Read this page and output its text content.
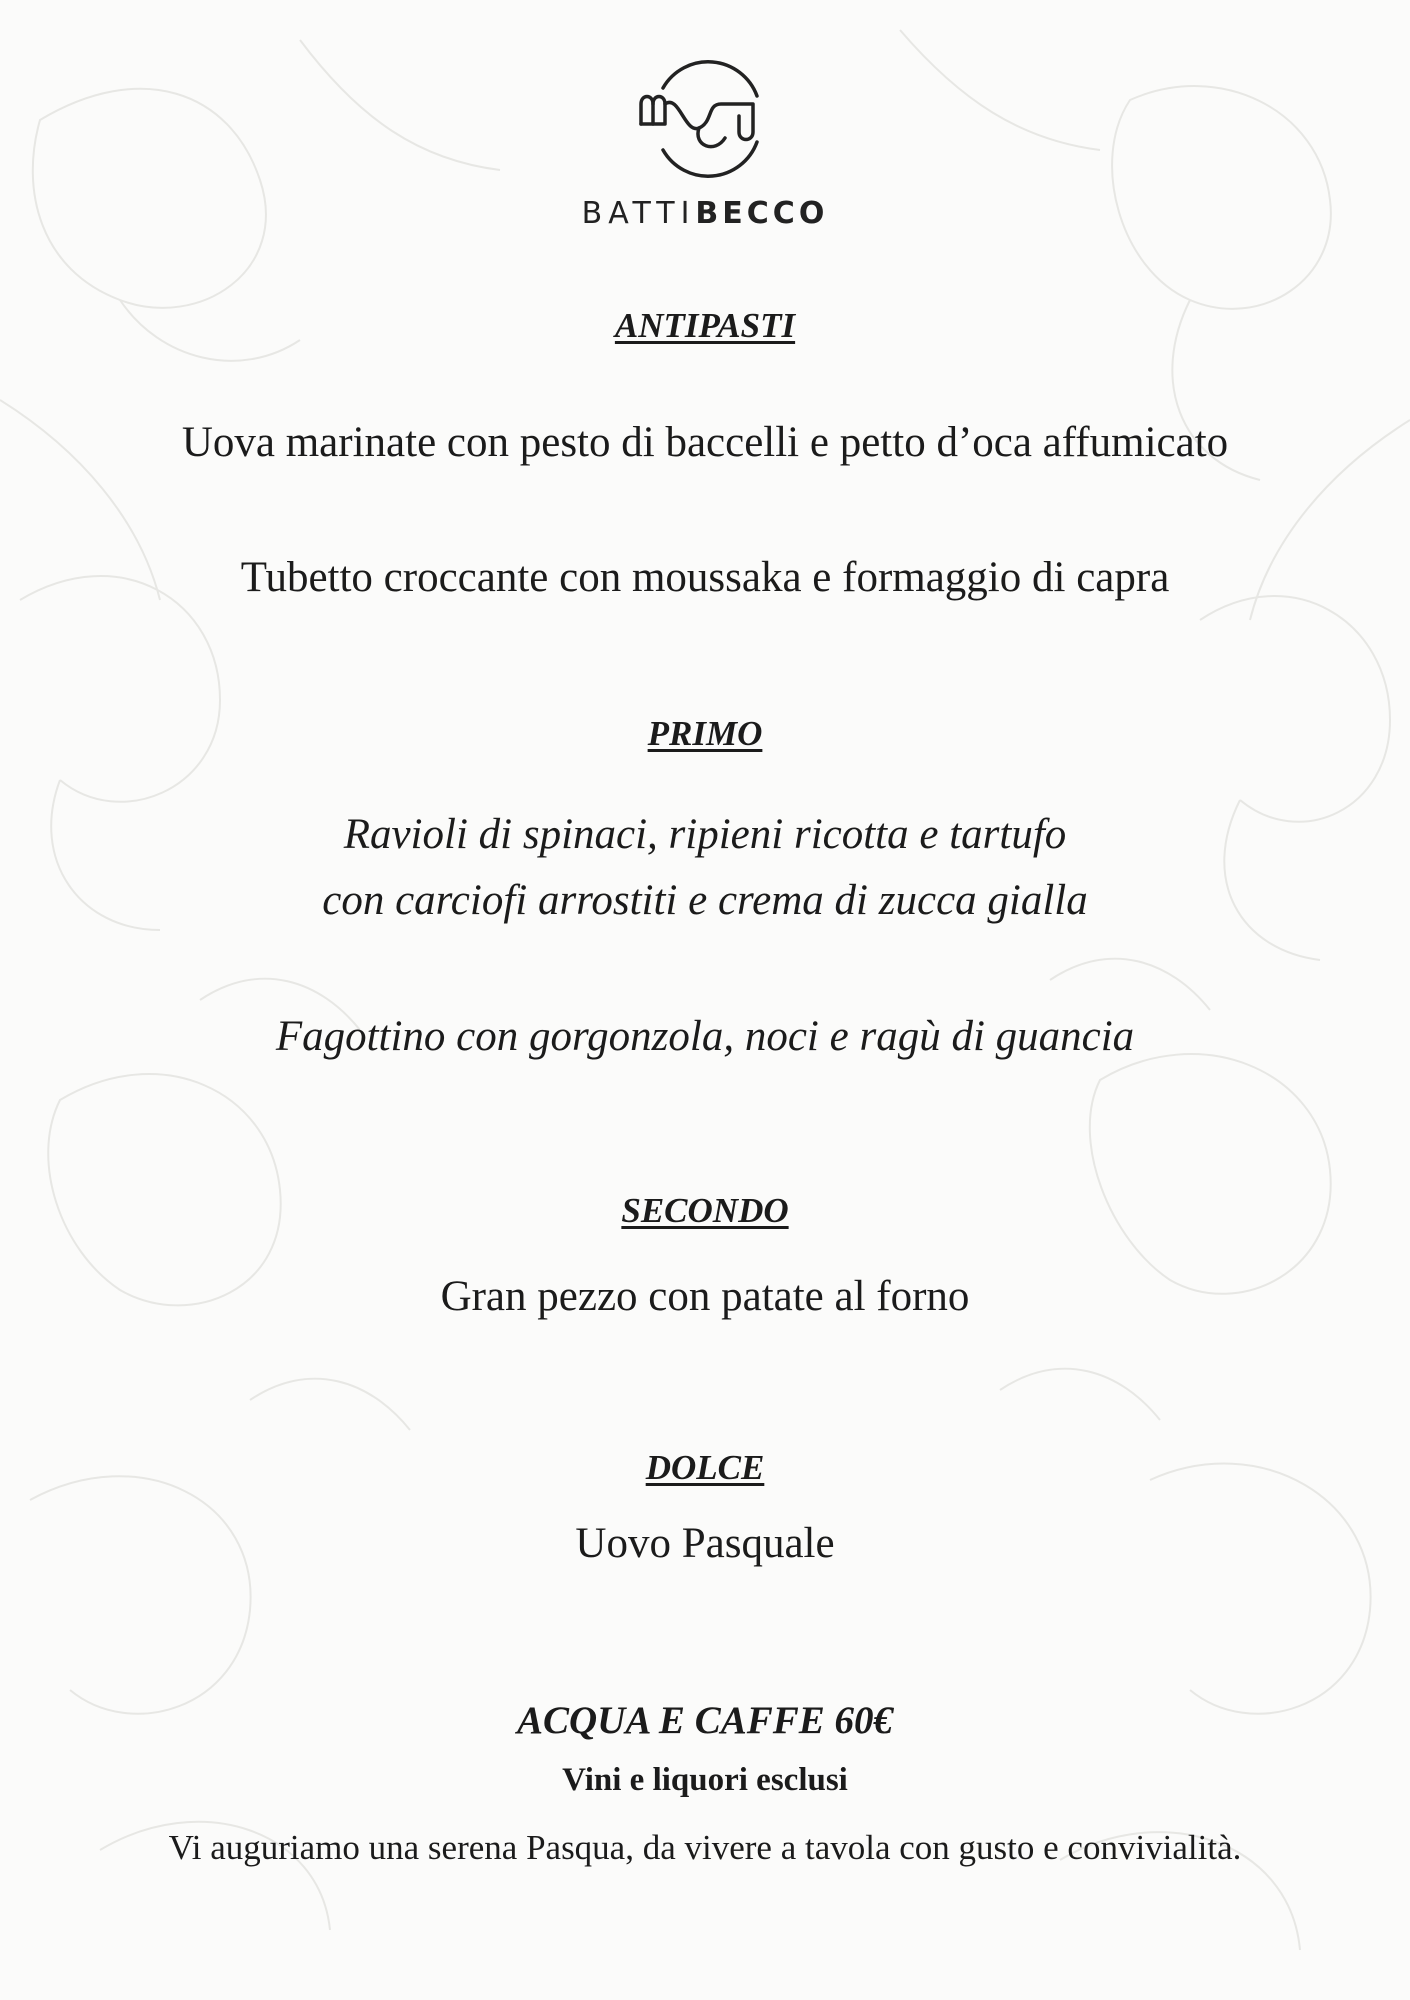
BATTIBECCO
ANTIPASTI
Uova marinate con pesto di baccelli e petto d’oca affumicato
Tubetto croccante con moussaka e formaggio di capra
PRIMO
Ravioli di spinaci, ripieni ricotta e tartufo
con carciofi arrostiti e crema di zucca gialla
Fagottino con gorgonzola, noci e ragù di guancia
SECONDO
Gran pezzo con patate al forno
DOLCE
Uovo Pasquale
ACQUA E CAFFE 60€
Vini e liquori esclusi
Vi auguriamo una serena Pasqua, da vivere a tavola con gusto e convivialità.
